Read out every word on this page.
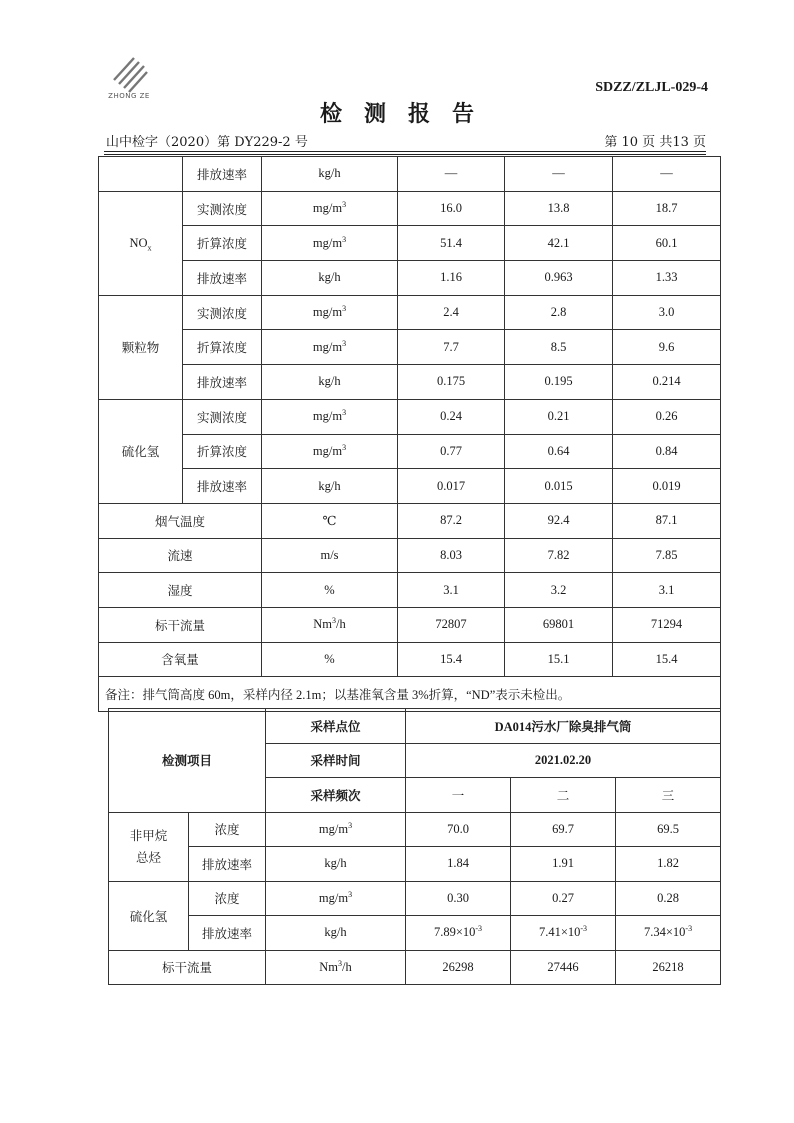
ZHONG ZE
SDZZ/ZLJL-029-4
检测报告
山中检字（2020）第 DY229-2 号	第 10 页 共13 页
	排放速率	kg/h	—	—	—
$NO_x$	实测浓度	$mg/m^3$	16.0	13.8	18.7
	折算浓度	$mg/m^3$	51.4	42.1	60.1
	排放速率	kg/h	1.16	0.963	1.33
颗粒物	实测浓度	$mg/m^3$	2.4	2.8	3.0
	折算浓度	$mg/m^3$	7.7	8.5	9.6
	排放速率	kg/h	0.175	0.195	0.214
硫化氢	实测浓度	$mg/m^3$	0.24	0.21	0.26
	折算浓度	$mg/m^3$	0.77	0.64	0.84
	排放速率	kg/h	0.017	0.015	0.019
烟气温度		℃	87.2	92.4	87.1
流速		m/s	8.03	7.82	7.85
湿度		%	3.1	3.2	3.1
标干流量		Nm$^3$/h	72807	69801	71294
含氧量		%	15.4	15.1	15.4
备注：排气筒高度 60m，采样内径 2.1m；以基准氧含量 3%折算，“ND”表示未检出。					
检测项目		采样点位	DA014污水厂除臭排气筒		
		采样时间	2021.02.20		
		采样频次	一	二	三
非甲烷总烃	浓度	$mg/m^3$	70.0	69.7	69.5
	排放速率	kg/h	1.84	1.91	1.82
硫化氢	浓度	$mg/m^3$	0.30	0.27	0.28
	排放速率	kg/h	$7.89\times 10^{-3}$	$7.41\times 10^{-3}$	$7.34\times 10^{-3}$
标干流量		Nm$^3$/h	26298	27446	26218
